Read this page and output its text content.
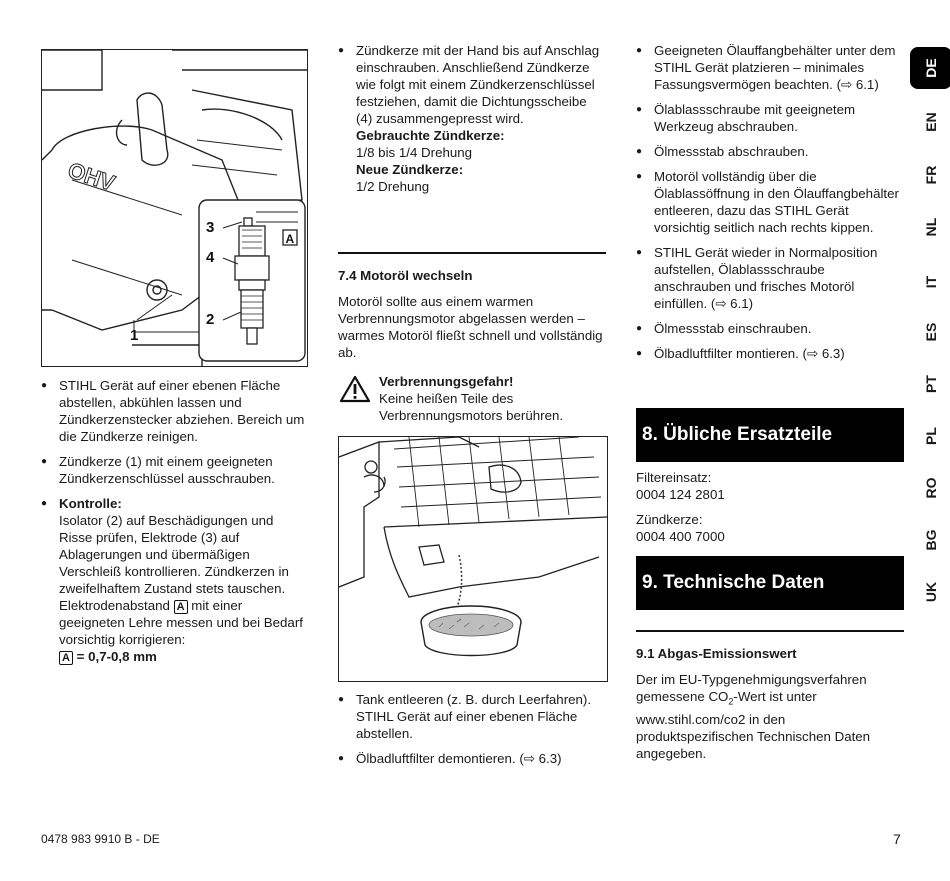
OHV
1
3
4
2
A
● STIHL Gerät auf einer ebenen Fläche abstellen, abkühlen lassen und Zündkerzenstecker abziehen. Bereich um die Zündkerze reinigen.
● Zündkerze (1) mit einem geeigneten Zündkerzenschlüssel ausschrauben.
● Kontrolle:
Isolator (2) auf Beschädigungen und Risse prüfen, Elektrode (3) auf Ablagerungen und übermäßigen Verschleiß kontrollieren. Zündkerzen in zweifelhaftem Zustand stets tauschen. Elektrodenabstand A mit einer geeigneten Lehre messen und bei Bedarf vorsichtig korrigieren:
A = 0,7-0,8 mm
● Zündkerze mit der Hand bis auf Anschlag einschrauben. Anschließend Zündkerze wie folgt mit einem Zündkerzenschlüssel festziehen, damit die Dichtungsscheibe (4) zusammengepresst wird.
Gebrauchte Zündkerze:
1/8 bis 1/4 Drehung
Neue Zündkerze:
1/2 Drehung
7.4 Motoröl wechseln

Motoröl sollte aus einem warmen Verbrennungsmotor abgelassen werden – warmes Motoröl fließt schnell und vollständig ab.

Verbrennungsgefahr!
Keine heißen Teile des Verbrennungsmotors berühren.
● Tank entleeren (z. B. durch Leerfahren). STIHL Gerät auf einer ebenen Fläche abstellen.
● Ölbadluftfilter demontieren. (⇨ 6.3)
● Geeigneten Ölauffangbehälter unter dem STIHL Gerät platzieren – minimales Fassungsvermögen beachten. (⇨ 6.1)
● Ölablassschraube mit geeignetem Werkzeug abschrauben.
● Ölmessstab abschrauben.
● Motoröl vollständig über die Ölablassöffnung in den Ölauffangbehälter entleeren, dazu das STIHL Gerät vorsichtig seitlich nach rechts kippen.
● STIHL Gerät wieder in Normalposition aufstellen, Ölablassschraube anschrauben und frisches Motoröl einfüllen. (⇨ 6.1)
● Ölmessstab einschrauben.
● Ölbadluftfilter montieren. (⇨ 6.3)
8. Übliche Ersatzteile

Filtereinsatz:
0004 124 2801

Zündkerze:
0004 400 7000

9. Technische Daten
9.1 Abgas-Emissionswert

Der im EU-Typgenehmigungsverfahren gemessene $CO_2$-Wert ist unter www.stihl.com/co2 in den produktspezifischen Technischen Daten angegeben.

DE
EN
FR
NL
IT
ES
PT
PL
RO
BG
UK
0478 983 9910 B - DE	7
